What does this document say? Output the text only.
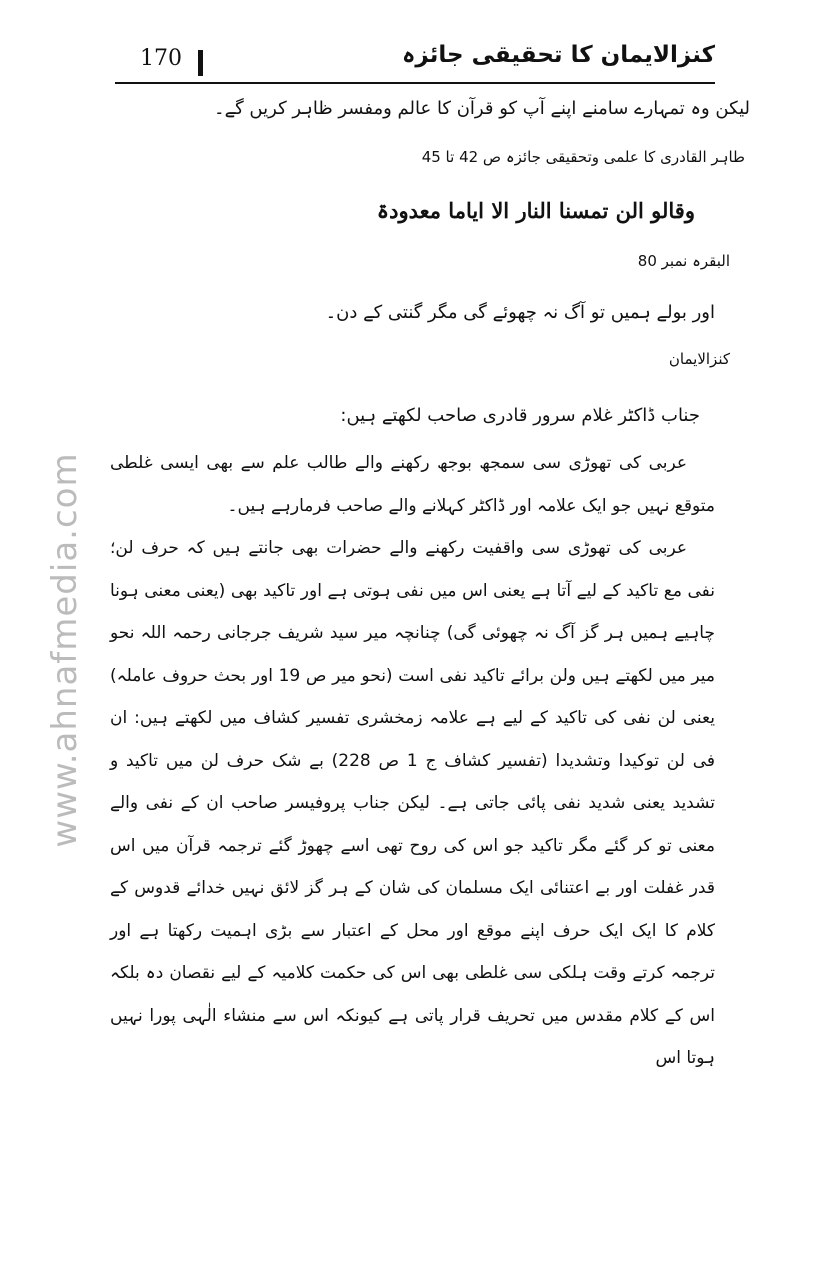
170	کنزالایمان کا تحقیقی جائزہ
www.ahnafmedia.com

لیکن وہ تمہارے سامنے اپنے آپ کو قرآن کا عالم ومفسر ظاہر کریں گے۔

طاہر القادری کا علمی وتحقیقی جائزہ ص 42 تا 45

وقالو الن تمسنا النار الا ایاما معدودۃ

البقرہ نمبر 80

اور بولے ہمیں تو آگ نہ چھوئے گی مگر گنتی کے دن۔

کنزالایمان

جناب ڈاکٹر غلام سرور قادری صاحب لکھتے ہیں:

عربی کی تھوڑی سی سمجھ بوجھ رکھنے والے طالب علم سے بھی ایسی غلطی متوقع نہیں جو ایک علامہ اور ڈاکٹر کہلانے والے صاحب فرمارہے ہیں۔

عربی کی تھوڑی سی واقفیت رکھنے والے حضرات بھی جانتے ہیں کہ حرف لن؛ نفی مع تاکید کے لیے آتا ہے یعنی اس میں نفی ہوتی ہے اور تاکید بھی (یعنی معنی ہونا چاہیے ہمیں ہر گز آگ نہ چھوئی گی) چنانچہ میر سید شریف جرجانی رحمہ اللہ نحو میر میں لکھتے ہیں ولن برائے تاکید نفی است (نحو میر ص 19 اور بحث حروف عاملہ) یعنی لن نفی کی تاکید کے لیے ہے علامہ زمخشری تفسیر کشاف میں لکھتے ہیں: ان فی لن توکیدا وتشدیدا (تفسیر کشاف ج 1 ص 228) بے شک حرف لن میں تاکید و تشدید یعنی شدید نفی پائی جاتی ہے۔ لیکن جناب پروفیسر صاحب ان کے نفی والے معنی تو کر گئے مگر تاکید جو اس کی روح تھی اسے چھوڑ گئے ترجمہ قرآن میں اس قدر غفلت اور بے اعتنائی ایک مسلمان کی شان کے ہر گز لائق نہیں خدائے قدوس کے کلام کا ایک ایک حرف اپنے موقع اور محل کے اعتبار سے بڑی اہمیت رکھتا ہے اور ترجمہ کرتے وقت ہلکی سی غلطی بھی اس کی حکمت کلامیہ کے لیے نقصان دہ بلکہ اس کے کلام مقدس میں تحریف قرار پاتی ہے کیونکہ اس سے منشاء الٰہی پورا نہیں ہوتا اس
